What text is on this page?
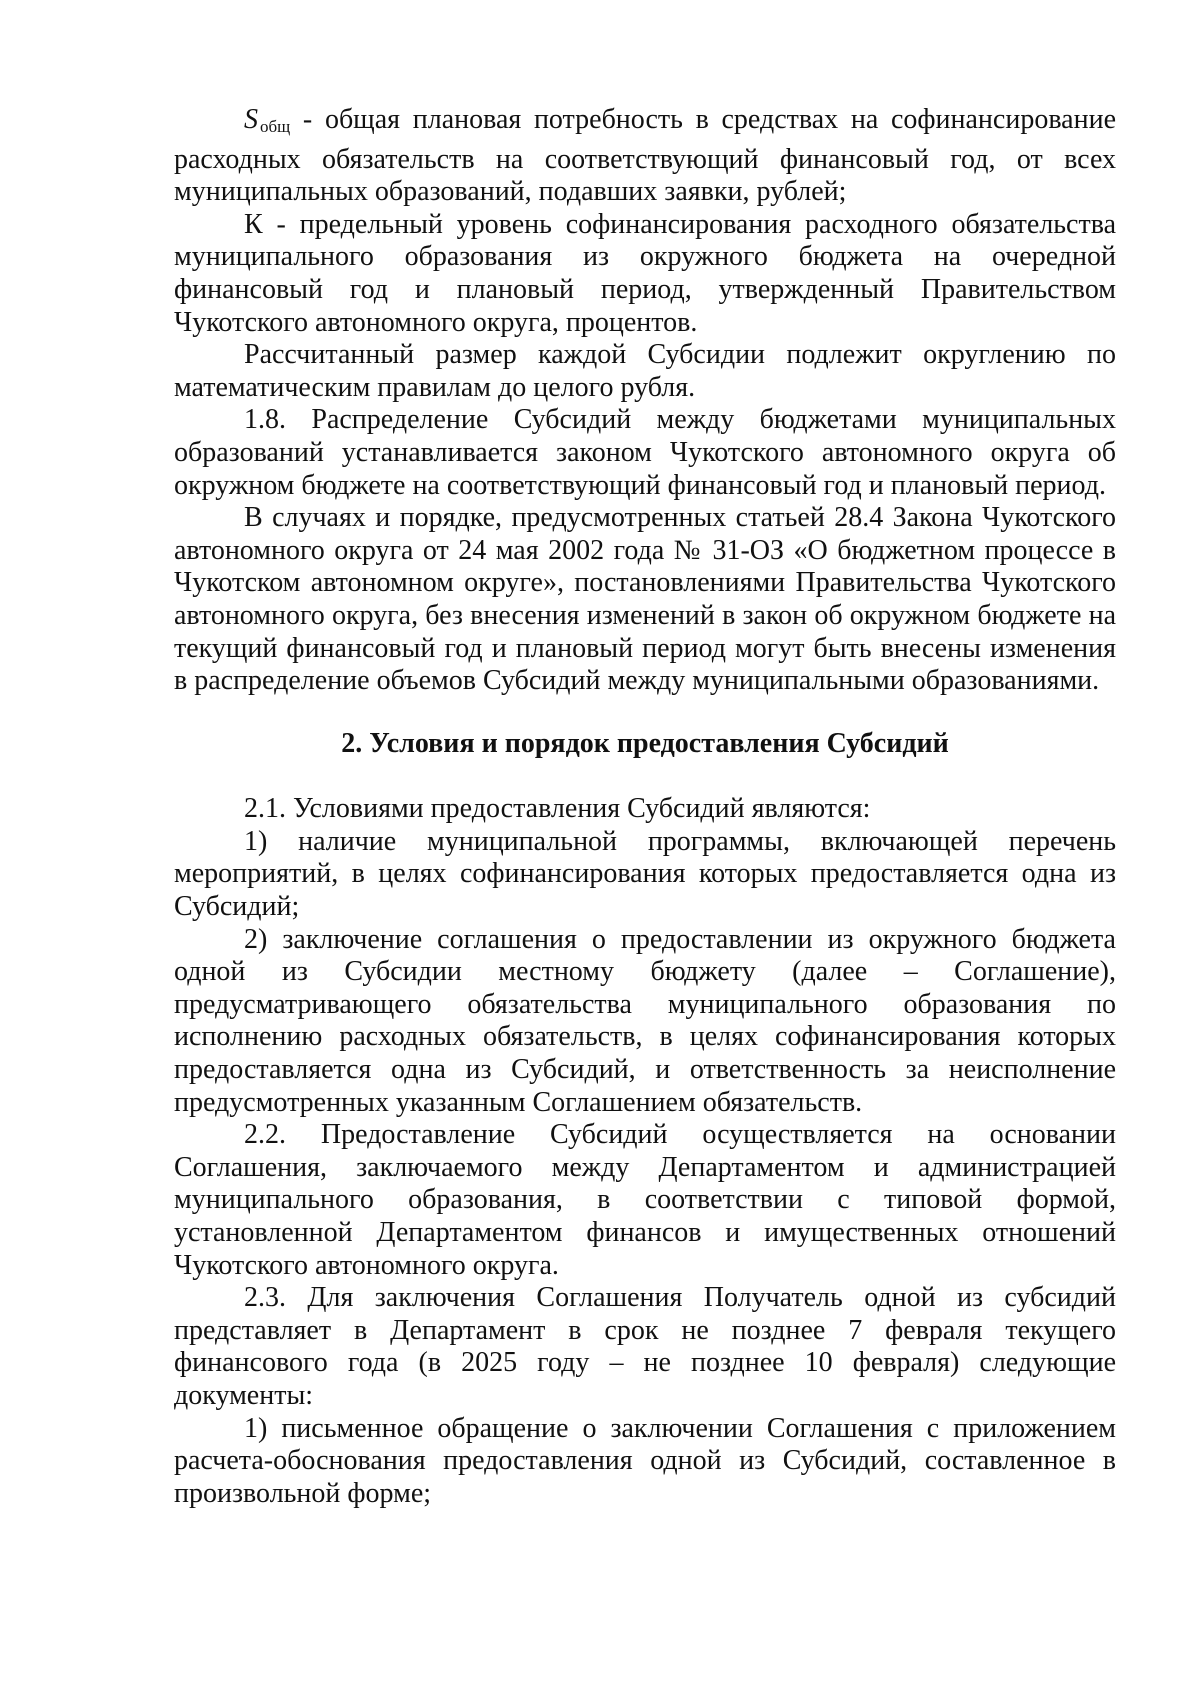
S $_{общ}$ - общая плановая потребность в средствах на софинансирование расходных обязательств на соответствующий финансовый год, от всех муниципальных образований, подавших заявки, рублей;

К - предельный уровень софинансирования расходного обязательства муниципального образования из окружного бюджета на очередной финансовый год и плановый период, утвержденный Правительством Чукотского автономного округа, процентов.

Рассчитанный размер каждой Субсидии подлежит округлению по математическим правилам до целого рубля.

1.8. Распределение Субсидий между бюджетами муниципальных образований устанавливается законом Чукотского автономного округа об окружном бюджете на соответствующий финансовый год и плановый период.

В случаях и порядке, предусмотренных статьей 28.4 Закона Чукотского автономного округа от 24 мая 2002 года № 31-ОЗ «О бюджетном процессе в Чукотском автономном округе», постановлениями Правительства Чукотского автономного округа, без внесения изменений в закон об окружном бюджете на текущий финансовый год и плановый период могут быть внесены изменения в распределение объемов Субсидий между муниципальными образованиями.

2. Условия и порядок предоставления Субсидий

2.1. Условиями предоставления Субсидий являются:

1) наличие муниципальной программы, включающей перечень мероприятий, в целях софинансирования которых предоставляется одна из Субсидий;

2) заключение соглашения о предоставлении из окружного бюджета одной из Субсидии местному бюджету (далее – Соглашение), предусматривающего обязательства муниципального образования по исполнению расходных обязательств, в целях софинансирования которых предоставляется одна из Субсидий, и ответственность за неисполнение предусмотренных указанным Соглашением обязательств.

2.2. Предоставление Субсидий осуществляется на основании Соглашения, заключаемого между Департаментом и администрацией муниципального образования, в соответствии с типовой формой, установленной Департаментом финансов и имущественных отношений Чукотского автономного округа.

2.3. Для заключения Соглашения Получатель одной из субсидий представляет в Департамент в срок не позднее 7 февраля текущего финансового года (в 2025 году – не позднее 10 февраля) следующие документы:

1) письменное обращение о заключении Соглашения с приложением расчета-обоснования предоставления одной из Субсидий, составленное в произвольной форме;
